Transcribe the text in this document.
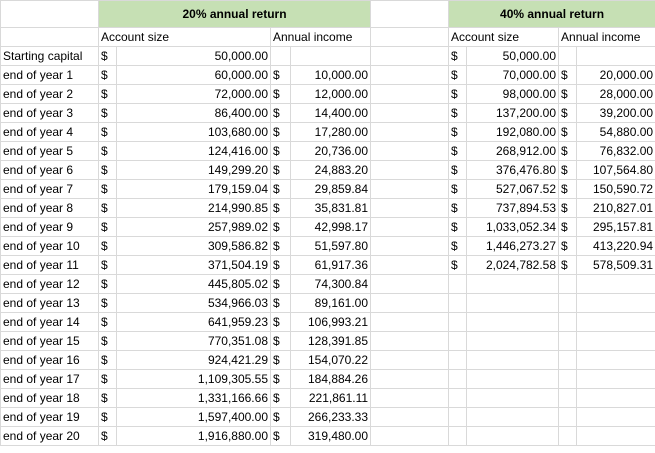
	20% annual return					40% annual return			
	Account size		Annual income			Account size		Annual income	
Starting capital	$	50,000.00				$	50,000.00		
end of year 1	$	60,000.00	$	10,000.00		$	70,000.00	$	20,000.00
end of year 2	$	72,000.00	$	12,000.00		$	98,000.00	$	28,000.00
end of year 3	$	86,400.00	$	14,400.00		$	137,200.00	$	39,200.00
end of year 4	$	103,680.00	$	17,280.00		$	192,080.00	$	54,880.00
end of year 5	$	124,416.00	$	20,736.00		$	268,912.00	$	76,832.00
end of year 6	$	149,299.20	$	24,883.20		$	376,476.80	$	107,564.80
end of year 7	$	179,159.04	$	29,859.84		$	527,067.52	$	150,590.72
end of year 8	$	214,990.85	$	35,831.81		$	737,894.53	$	210,827.01
end of year 9	$	257,989.02	$	42,998.17		$	1,033,052.34	$	295,157.81
end of year 10	$	309,586.82	$	51,597.80		$	1,446,273.27	$	413,220.94
end of year 11	$	371,504.19	$	61,917.36		$	2,024,782.58	$	578,509.31
end of year 12	$	445,805.02	$	74,300.84					
end of year 13	$	534,966.03	$	89,161.00					
end of year 14	$	641,959.23	$	106,993.21					
end of year 15	$	770,351.08	$	128,391.85					
end of year 16	$	924,421.29	$	154,070.22					
end of year 17	$	1,109,305.55	$	184,884.26					
end of year 18	$	1,331,166.66	$	221,861.11					
end of year 19	$	1,597,400.00	$	266,233.33					
end of year 20	$	1,916,880.00	$	319,480.00					
